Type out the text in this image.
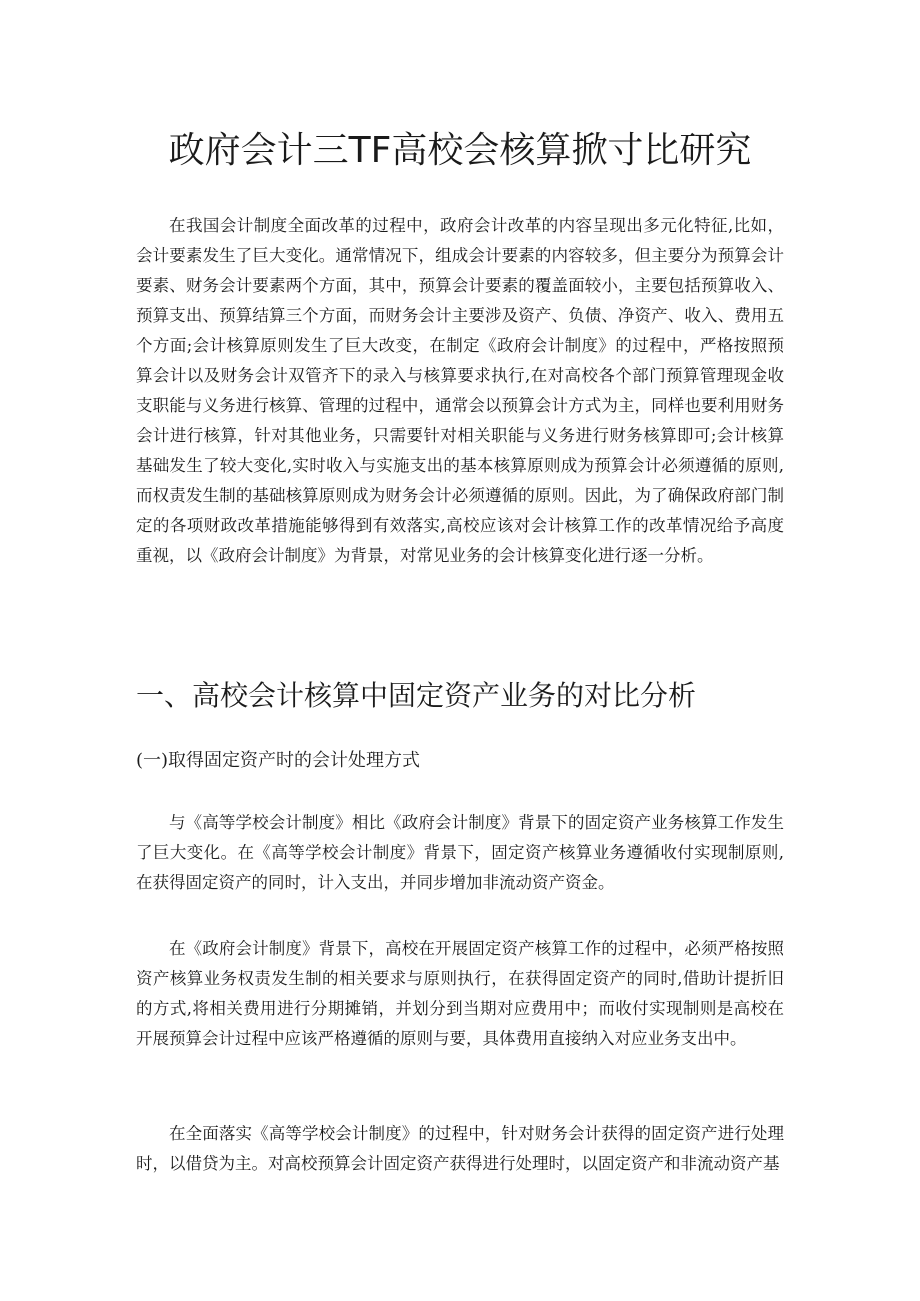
政府会计三TF高校会核算掀寸比研究

在我国会计制度全面改革的过程中，政府会计改革的内容呈现出多元化特征,比如，会计要素发生了巨大变化。通常情况下，组成会计要素的内容较多，但主要分为预算会计要素、财务会计要素两个方面，其中，预算会计要素的覆盖面较小，主要包括预算收入、预算支出、预算结算三个方面，而财务会计主要涉及资产、负债、净资产、收入、费用五个方面;会计核算原则发生了巨大改变，在制定《政府会计制度》的过程中，严格按照预算会计以及财务会计双管齐下的录入与核算要求执行,在对高校各个部门预算管理现金收支职能与义务进行核算、管理的过程中，通常会以预算会计方式为主，同样也要利用财务会计进行核算，针对其他业务，只需要针对相关职能与义务进行财务核算即可;会计核算基础发生了较大变化,实时收入与实施支出的基本核算原则成为预算会计必须遵循的原则,而权责发生制的基础核算原则成为财务会计必须遵循的原则。因此，为了确保政府部门制定的各项财政改革措施能够得到有效落实,高校应该对会计核算工作的改革情况给予高度重视，以《政府会计制度》为背景，对常见业务的会计核算变化进行逐一分析。

一、高校会计核算中固定资产业务的对比分析
(一)取得固定资产时的会计处理方式

与《高等学校会计制度》相比《政府会计制度》背景下的固定资产业务核算工作发生了巨大变化。在《高等学校会计制度》背景下，固定资产核算业务遵循收付实现制原则,在获得固定资产的同时，计入支出，并同步增加非流动资产资金。

在《政府会计制度》背景下，高校在开展固定资产核算工作的过程中，必须严格按照资产核算业务权责发生制的相关要求与原则执行，在获得固定资产的同时,借助计提折旧的方式,将相关费用进行分期摊销，并划分到当期对应费用中；而收付实现制则是高校在开展预算会计过程中应该严格遵循的原则与要，具体费用直接纳入对应业务支出中。

在全面落实《高等学校会计制度》的过程中，针对财务会计获得的固定资产进行处理时，以借贷为主。对高校预算会计固定资产获得进行处理时，以固定资产和非流动资产基
